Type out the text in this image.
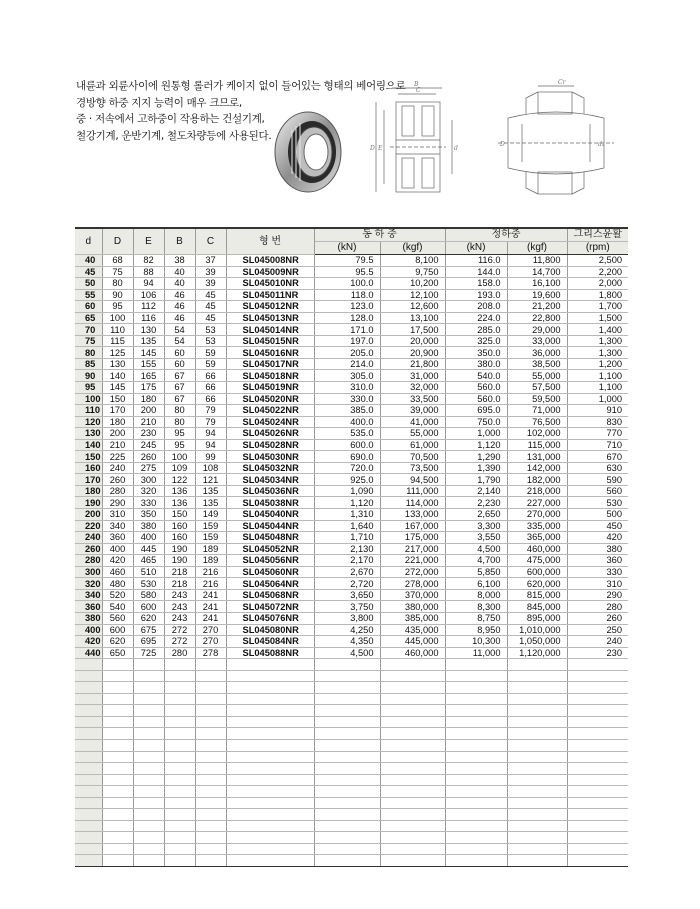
내륜과 외륜사이에 원통형 롤러가 케이지 없이 들어있는 형태의 베어링으로
경방향 하중 지지 능력이 매우 크므로,
중 · 저속에서 고하중이 작용하는 건설기계,
철강기계, 운반기계, 철도차량등에 사용된다.
B
C
D E	d
Cr
D	dₐ
d	D	E	B	C	형 번	동 하 중		정하중		그리스윤활
						(kN)	(kgf)	(kN)	(kgf)	(rpm)
40	68	82	38	37	SL045008NR	79.5	8,100	116.0	11,800	2,500
45	75	88	40	39	SL045009NR	95.5	9,750	144.0	14,700	2,200
50	80	94	40	39	SL045010NR	100.0	10,200	158.0	16,100	2,000
55	90	106	46	45	SL045011NR	118.0	12,100	193.0	19,600	1,800
60	95	112	46	45	SL045012NR	123.0	12,600	208.0	21,200	1,700
65	100	116	46	45	SL045013NR	128.0	13,100	224.0	22,800	1,500
70	110	130	54	53	SL045014NR	171.0	17,500	285.0	29,000	1,400
75	115	135	54	53	SL045015NR	197.0	20,000	325.0	33,000	1,300
80	125	145	60	59	SL045016NR	205.0	20,900	350.0	36,000	1,300
85	130	155	60	59	SL045017NR	214.0	21,800	380.0	38,500	1,200
90	140	165	67	66	SL045018NR	305.0	31,000	540.0	55,000	1,100
95	145	175	67	66	SL045019NR	310.0	32,000	560.0	57,500	1,100
100	150	180	67	66	SL045020NR	330.0	33,500	560.0	59,500	1,000
110	170	200	80	79	SL045022NR	385.0	39,000	695.0	71,000	910
120	180	210	80	79	SL045024NR	400.0	41,000	750.0	76,500	830
130	200	230	95	94	SL045026NR	535.0	55,000	1,000	102,000	770
140	210	245	95	94	SL045028NR	600.0	61,000	1,120	115,000	710
150	225	260	100	99	SL045030NR	690.0	70,500	1,290	131,000	670
160	240	275	109	108	SL045032NR	720.0	73,500	1,390	142,000	630
170	260	300	122	121	SL045034NR	925.0	94,500	1,790	182,000	590
180	280	320	136	135	SL045036NR	1,090	111,000	2,140	218,000	560
190	290	330	136	135	SL045038NR	1,120	114,000	2,230	227,000	530
200	310	350	150	149	SL045040NR	1,310	133,000	2,650	270,000	500
220	340	380	160	159	SL045044NR	1,640	167,000	3,300	335,000	450
240	360	400	160	159	SL045048NR	1,710	175,000	3,550	365,000	420
260	400	445	190	189	SL045052NR	2,130	217,000	4,500	460,000	380
280	420	465	190	189	SL045056NR	2,170	221,000	4,700	475,000	360
300	460	510	218	216	SL045060NR	2,670	272,000	5,850	600,000	330
320	480	530	218	216	SL045064NR	2,720	278,000	6,100	620,000	310
340	520	580	243	241	SL045068NR	3,650	370,000	8,000	815,000	290
360	540	600	243	241	SL045072NR	3,750	380,000	8,300	845,000	280
380	560	620	243	241	SL045076NR	3,800	385,000	8,750	895,000	260
400	600	675	272	270	SL045080NR	4,250	435,000	8,950	1,010,000	250
420	620	695	272	270	SL045084NR	4,350	445,000	10,300	1,050,000	240
440	650	725	280	278	SL045088NR	4,500	460,000	11,000	1,120,000	230
